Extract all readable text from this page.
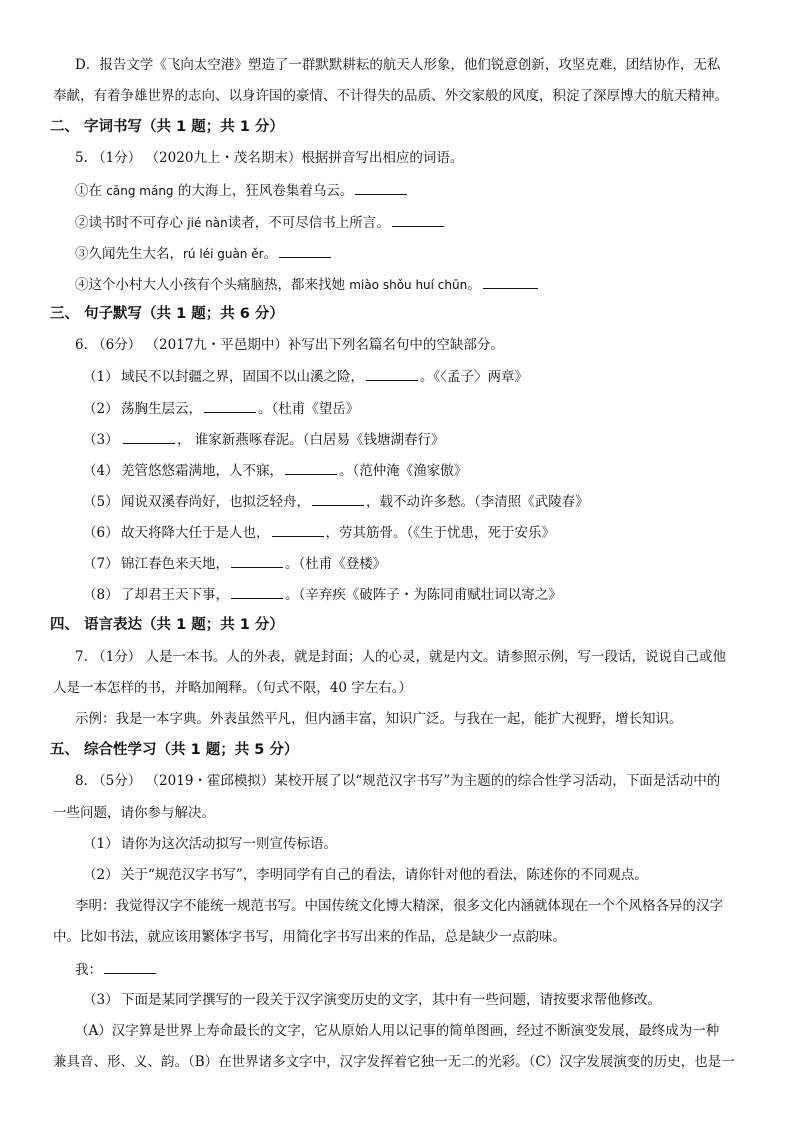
D．报告文学《飞向太空港》塑造了一群默默耕耘的航天人形象，他们锐意创新，攻坚克难，团结协作，无私
奉献，有着争雄世界的志向、以身许国的豪情、不计得失的品质、外交家般的风度，积淀了深厚博大的航天精神。
二、 字词书写（共 1 题；共 1 分）
5. （1分） （2020九上・茂名期末）根据拼音写出相应的词语。
①在 cāng máng 的大海上，狂风卷集着乌云。
②读书时不可存心 jié nàn读者，不可尽信书上所言。
③久闻先生大名，rú léi guàn ěr。
④这个小村大人小孩有个头痛脑热，都来找她 miào shǒu huí chūn。
三、 句子默写（共 1 题；共 6 分）
6. （6分） （2017九・平邑期中）补写出下列名篇名句中的空缺部分。
（1） 域民不以封疆之界，固国不以山溪之险，	。《〈孟子〉两章》
（2） 荡胸生层云，	。（杜甫《望岳》
（3）	， 谁家新燕啄春泥。（白居易《钱塘湖春行》
（4） 羌管悠悠霜满地，人不寐，	。（范仲淹《渔家傲》
（5） 闻说双溪春尚好，也拟泛轻舟，	，载不动许多愁。（李清照《武陵春》
（6） 故天将降大任于是人也，	，劳其筋骨。（《生于忧患，死于安乐》
（7） 锦江春色来天地，	。（杜甫《登楼》
（8） 了却君王天下事，	。（辛弃疾《破阵子・为陈同甫赋壮词以寄之》
四、 语言表达（共 1 题；共 1 分）
7. （1分） 人是一本书。人的外表，就是封面；人的心灵，就是内文。请参照示例，写一段话，说说自己或他
人是一本怎样的书，并略加阐释。（句式不限，40 字左右。）
示例：我是一本字典。外表虽然平凡，但内涵丰富，知识广泛。与我在一起，能扩大视野，增长知识。
五、 综合性学习（共 1 题；共 5 分）
8. （5分） （2019・霍邱模拟）某校开展了以“规范汉字书写”为主题的的综合性学习活动，下面是活动中的
一些问题，请你参与解决。
（1） 请你为这次活动拟写一则宣传标语。
（2） 关于“规范汉字书写”，李明同学有自己的看法，请你针对他的看法，陈述你的不同观点。
李明：我觉得汉字不能统一规范书写。中国传统文化博大精深，很多文化内涵就体现在一个个风格各异的汉字
中。比如书法，就应该用繁体字书写，用简化字书写出来的作品，总是缺少一点韵味。
我：
（3） 下面是某同学撰写的一段关于汉字演变历史的文字，其中有一些问题，请按要求帮他修改。
（A）汉字算是世界上寿命最长的文字，它从原始人用以记事的简单图画，经过不断演变发展，最终成为一种
兼具音、形、义、韵。（B）在世界诸多文字中，汉字发挥着它独一无二的光彩。（C）汉字发展演变的历史，也是一
